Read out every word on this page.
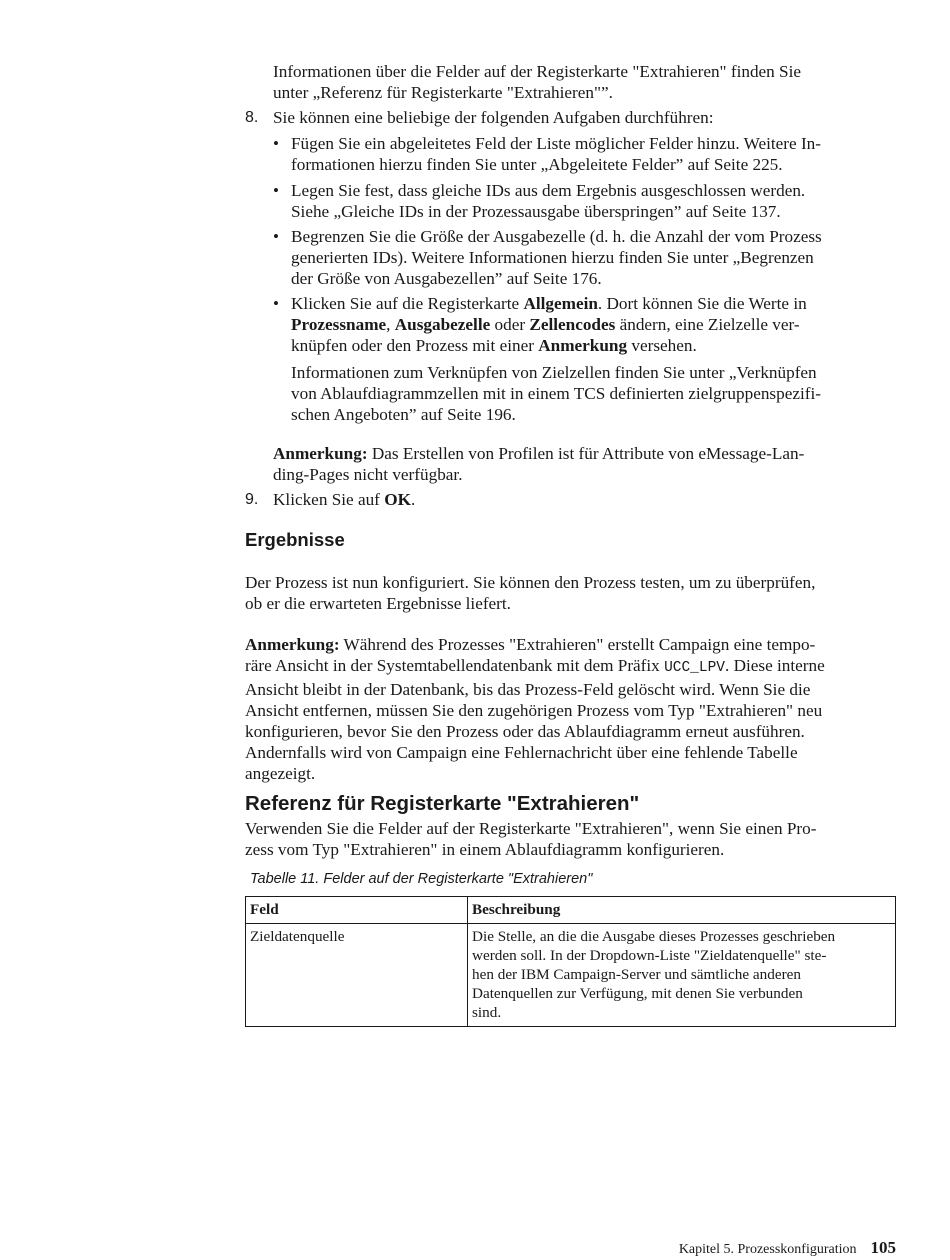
Informationen über die Felder auf der Registerkarte "Extrahieren" finden Sie
unter „Referenz für Registerkarte "Extrahieren"”.
8. Sie können eine beliebige der folgenden Aufgaben durchführen:
• Fügen Sie ein abgeleitetes Feld der Liste möglicher Felder hinzu. Weitere In-
formationen hierzu finden Sie unter „Abgeleitete Felder” auf Seite 225.
• Legen Sie fest, dass gleiche IDs aus dem Ergebnis ausgeschlossen werden.
Siehe „Gleiche IDs in der Prozessausgabe überspringen” auf Seite 137.
• Begrenzen Sie die Größe der Ausgabezelle (d. h. die Anzahl der vom Prozess
generierten IDs). Weitere Informationen hierzu finden Sie unter „Begrenzen
der Größe von Ausgabezellen” auf Seite 176.
• Klicken Sie auf die Registerkarte Allgemein. Dort können Sie die Werte in
Prozessname, Ausgabezelle oder Zellencodes ändern, eine Zielzelle ver-
knüpfen oder den Prozess mit einer Anmerkung versehen.
Informationen zum Verknüpfen von Zielzellen finden Sie unter „Verknüpfen
von Ablaufdiagrammzellen mit in einem TCS definierten zielgruppenspezifi-
schen Angeboten” auf Seite 196.
Anmerkung: Das Erstellen von Profilen ist für Attribute von eMessage-Lan-
ding-Pages nicht verfügbar.
9. Klicken Sie auf OK.
Ergebnisse
Der Prozess ist nun konfiguriert. Sie können den Prozess testen, um zu überprüfen,
ob er die erwarteten Ergebnisse liefert.
Anmerkung: Während des Prozesses "Extrahieren" erstellt Campaign eine tempo-
räre Ansicht in der Systemtabellendatenbank mit dem Präfix UCC_LPV. Diese interne
Ansicht bleibt in der Datenbank, bis das Prozess-Feld gelöscht wird. Wenn Sie die
Ansicht entfernen, müssen Sie den zugehörigen Prozess vom Typ "Extrahieren" neu
konfigurieren, bevor Sie den Prozess oder das Ablaufdiagramm erneut ausführen.
Andernfalls wird von Campaign eine Fehlernachricht über eine fehlende Tabelle
angezeigt.
Referenz für Registerkarte "Extrahieren"
Verwenden Sie die Felder auf der Registerkarte "Extrahieren", wenn Sie einen Pro-
zess vom Typ "Extrahieren" in einem Ablaufdiagramm konfigurieren.
Tabelle 11. Felder auf der Registerkarte "Extrahieren"
Feld	Beschreibung
Zieldatenquelle	Die Stelle, an die die Ausgabe dieses Prozesses geschrieben
werden soll. In der Dropdown-Liste "Zieldatenquelle" ste-
hen der IBM Campaign-Server und sämtliche anderen
Datenquellen zur Verfügung, mit denen Sie verbunden
sind.
Kapitel 5. Prozesskonfiguration 105
